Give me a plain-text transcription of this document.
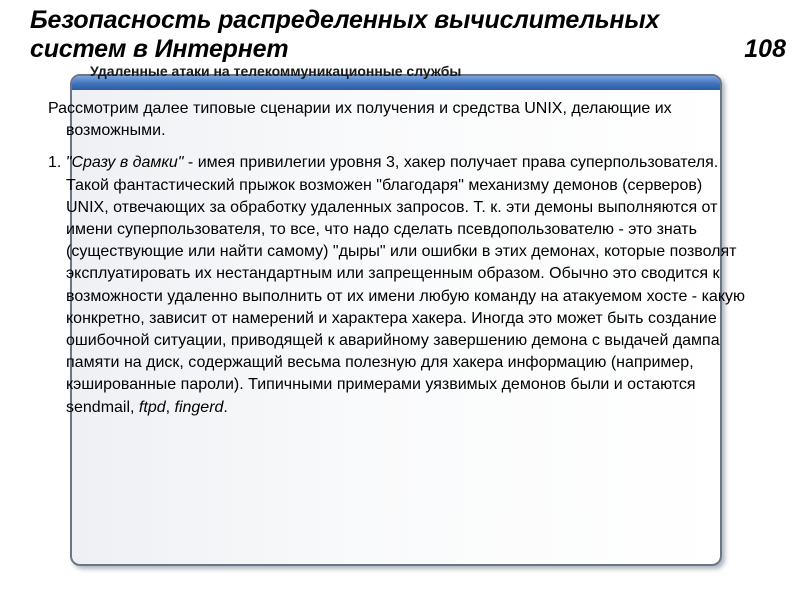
Безопасность распределенных вычислительных систем в Интернет	108
Удаленные атаки на телекоммуникационные службы

Рассмотрим далее типовые сценарии их получения и средства UNIX, делающие их возможными.

1. "Сразу в дамки" - имея привилегии уровня 3, хакер получает права суперпользователя. Такой фантастический прыжок возможен "благодаря" механизму демонов (серверов) UNIX, отвечающих за обработку удаленных запросов. Т. к. эти демоны выполняются от имени суперпользователя, то все, что надо сделать псевдопользователю - это знать (существующие или найти самому) "дыры" или ошибки в этих демонах, которые позволят эксплуатировать их нестандартным или запрещенным образом. Обычно это сводится к возможности удаленно выполнить от их имени любую команду на атакуемом хосте - какую конкретно, зависит от намерений и характера хакера. Иногда это может быть создание ошибочной ситуации, приводящей к аварийному завершению демона с выдачей дампа памяти на диск, содержащий весьма полезную для хакера информацию (например, кэшированные пароли). Типичными примерами уязвимых демонов были и остаются sendmail, ftpd, fingerd.
